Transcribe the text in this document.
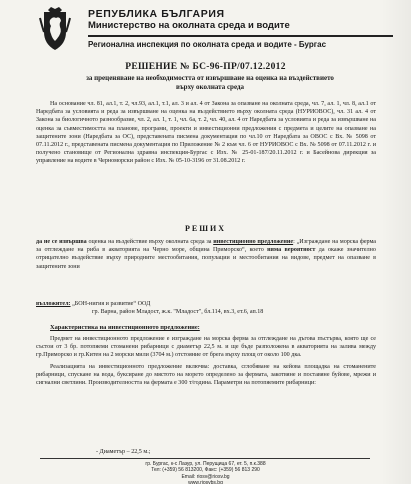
РЕПУБЛИКА БЪЛГАРИЯ
Министерство на околната среда и водите
Регионална инспекция по околната среда и водите - Бургас
РЕШЕНИЕ № БС-96-ПР/07.12.2012
за преценяване на необходимостта от извършване на оценка на въздействието
върху околната среда

На основание чл. 81, ал.1, т. 2, чл.93, ал.1, т.1, ал. 3 и ал. 4 от Закона за опазване на околната среда, чл. 7, ал. 1, чл. 8, ал.1 от Наредбата за условията и реда за извършване на оценка на въздействието върху околната среда (НУРИОВОС), чл. 31 ал. 4 от Закона за биологичното разнообразие, чл. 2, ал. 1, т. 1, чл. 6а, т. 2, чл. 40, ал. 4 от Наредбата за условията и реда за извършване на оценка за съвместимостта на планове, програми, проекти и инвестиционни предложения с предмета и целите на опазване на защитените зони (Наредбата за ОС), представената писмена документация по чл.10 от Наредбата за ОВОС с Вх. № 5098 от 07.11.2012 г., представената писмена документация по Приложение № 2 към чл. 6 от НУРИОВОС с Вх. № 5098 от 07.11.2012 г. и получено становище от Регионална здравна инспекция-Бургас с Изх. № 25-01-187/20.11.2012 г. и Басейнова дирекция за управление на водите в Черноморски район с Изх. № 05-10-3196 от 31.08.2012 г.

РЕШИХ
да не се извършва оценка на въздействие върху околната среда за инвестиционно предложение: „Изграждане на морска ферма за отглеждане на риба в акваторията на Черно море, община Приморско“, което няма вероятност да окаже значително отрицателно въздействие върху природните местообитания, популации и местообитания на видове, предмет на опазване в защитените зони
възложител: „БОН-нигия и развитие“ ООД
гр. Варна, район Младост, ж.к. "Младост", бл.114, вх.3, ет.6, ап.18
Характеристика на инвестиционното предложение:

Предмет на инвестиционното предложение е изграждане на морска ферма за отглеждане на дъгова пъстърва, която ще се състои от 3 бр. потопяеми стоманени рибарници с диаметър 22,5 м. и ще бъде разположена в акваторията на залива между гр.Приморско и гр.Китен на 2 морски мили (3704 м.) отстояние от брега върху площ от около 100 дка.

Реализацията на инвестиционното предложение включва: доставка, сглобяване на кейова площадка на стоманените рибарници, спускане на вода, буксиране до мястото на морето определено за фермата, закотвяне и поставяне буйове, мрежи и сигнални светлини. Производителността на фермата е 300 т/година. Параметри на потопяемите рибарници:

- Диаметър – 22,5 м.;
гр. Бургас, к-с Лазур, ул. Перущица 67, ет. 5, п.к.388
Тел: (+359) 56 813200, Факс: (+359) 56 813 290
Email: riosv@riosv.bg
www.riosvbs.bg
